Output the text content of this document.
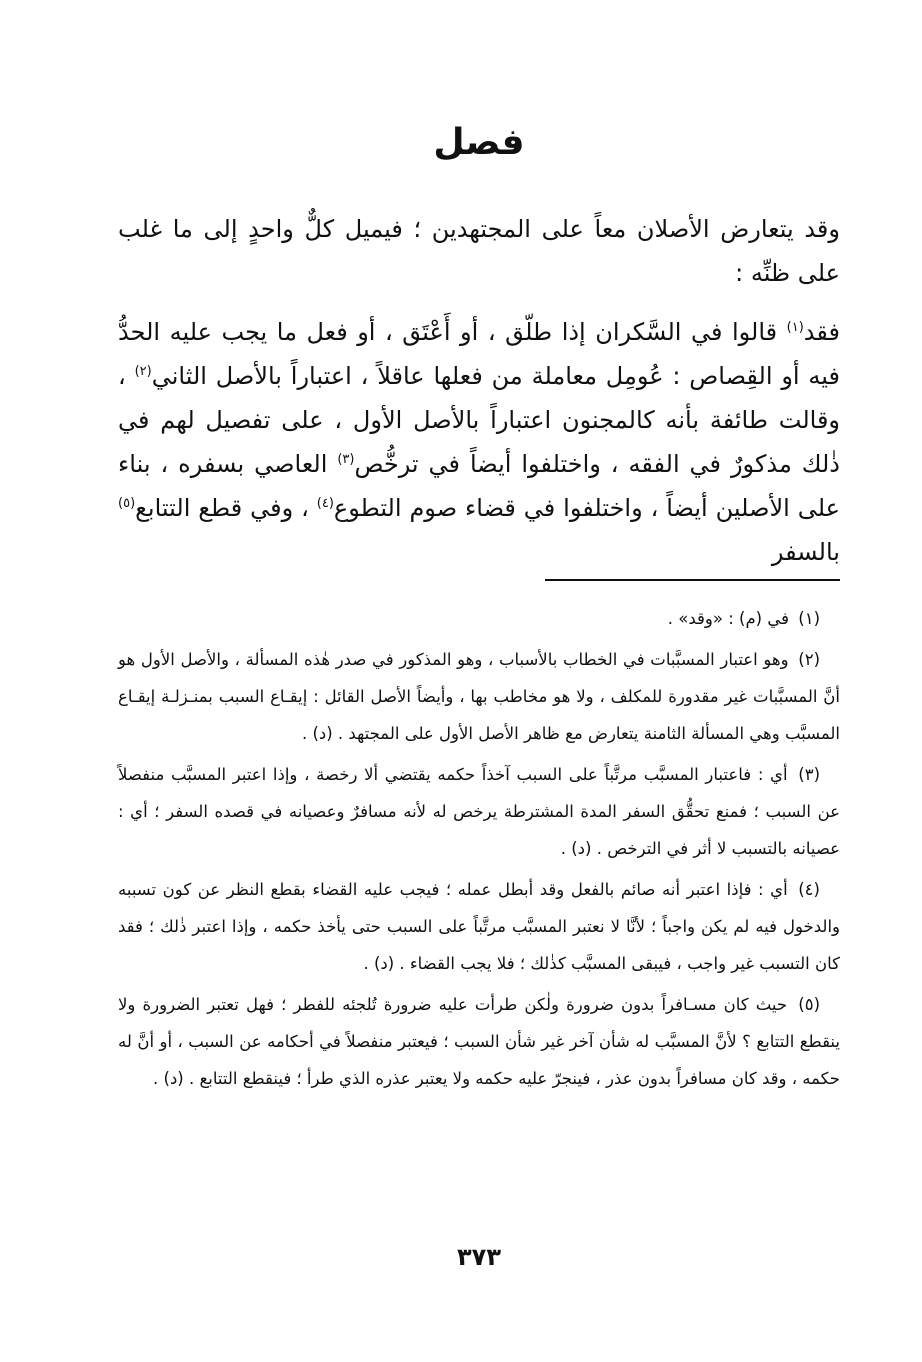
فصل

وقد يتعارض الأصلان معاً على المجتهدين ؛ فيميل كلٌّ واحدٍ إلى ما غلب على ظنِّه :

فقد$^{(١)}$ قالوا في السَّكران إذا طلّق ، أو أَعْتَق ، أو فعل ما يجب عليه الحدُّ فيه أو القِصاص : عُومِل معاملة من فعلها عاقلاً ، اعتباراً بالأصل الثاني$^{(٢)}$ ، وقالت طائفة بأنه كالمجنون اعتباراً بالأصل الأول ، على تفصيل لهم في ذٰلك مذكورٌ في الفقه ، واختلفوا أيضاً في ترخُّص$^{(٣)}$ العاصي بسفره ، بناء على الأصلين أيضاً ، واختلفوا في قضاء صوم التطوع$^{(٤)}$ ، وفي قطع التتابع$^{(٥)}$ بالسفر

(١) في (م) : «وقد» .

(٢) وهو اعتبار المسبَّبات في الخطاب بالأسباب ، وهو المذكور في صدر هٰذه المسألة ، والأصل الأول هو أنَّ المسبَّبات غير مقدورة للمكلف ، ولا هو مخاطب بها ، وأيضاً الأصل القائل : إيقـاع السبب بمنـزلـة إيقـاع المسبَّب وهي المسألة الثامنة يتعارض مع ظاهر الأصل الأول على المجتهد . (د) .

(٣) أي : فاعتبار المسبَّب مرتَّباً على السبب آخذاً حكمه يقتضي ألا رخصة ، وإذا اعتبر المسبَّب منفصلاً عن السبب ؛ فمنع تحقُّق السفر المدة المشترطة يرخص له لأنه مسافرٌ وعصيانه في قصده السفر ؛ أي : عصيانه بالتسبب لا أثر في الترخص . (د) .

(٤) أي : فإذا اعتبر أنه صائم بالفعل وقد أبطل عمله ؛ فيجب عليه القضاء بقطع النظر عن كون تسببه والدخول فيه لم يكن واجباً ؛ لأنَّا لا نعتبر المسبَّب مرتَّباً على السبب حتى يأخذ حكمه ، وإذا اعتبر ذٰلك ؛ فقد كان التسبب غير واجب ، فيبقى المسبَّب كذٰلك ؛ فلا يجب القضاء . (د) .

(٥) حيث كان مسـافراً بدون ضرورة ولٰكن طرأت عليه ضرورة تُلجئه للفطر ؛ فهل تعتبر الضرورة ولا ينقطع التتابع ؟ لأنَّ المسبَّب له شأن آخر غير شأن السبب ؛ فيعتبر منفصلاً في أحكامه عن السبب ، أو أنَّ له حكمه ، وقد كان مسافراً بدون عذر ، فينجرّ عليه حكمه ولا يعتبر عذره الذي طرأ ؛ فينقطع التتابع . (د) .

٣٧٣
